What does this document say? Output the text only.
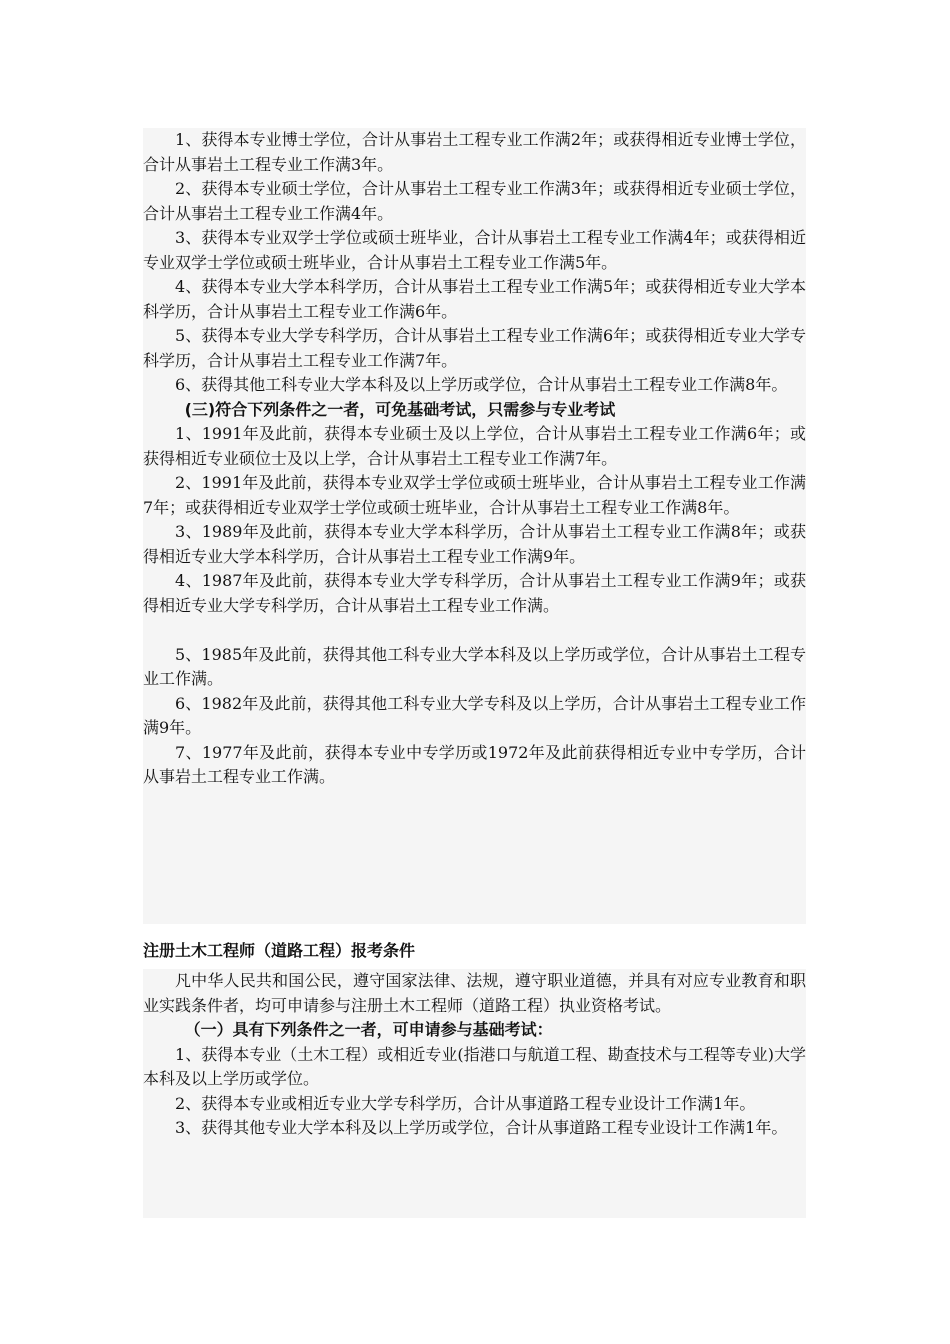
1、获得本专业博士学位，合计从事岩土工程专业工作满2年；或获得相近专业博士学位，合计从事岩土工程专业工作满3年。

2、获得本专业硕士学位，合计从事岩土工程专业工作满3年；或获得相近专业硕士学位，合计从事岩土工程专业工作满4年。

3、获得本专业双学士学位或硕士班毕业，合计从事岩土工程专业工作满4年；或获得相近专业双学士学位或硕士班毕业，合计从事岩土工程专业工作满5年。

4、获得本专业大学本科学历，合计从事岩土工程专业工作满5年；或获得相近专业大学本科学历，合计从事岩土工程专业工作满6年。

5、获得本专业大学专科学历，合计从事岩土工程专业工作满6年；或获得相近专业大学专科学历，合计从事岩土工程专业工作满7年。

6、获得其他工科专业大学本科及以上学历或学位，合计从事岩土工程专业工作满8年。

(三)符合下列条件之一者，可免基础考试，只需参与专业考试

1、1991年及此前，获得本专业硕士及以上学位，合计从事岩土工程专业工作满6年；或获得相近专业硕位士及以上学，合计从事岩土工程专业工作满7年。

2、1991年及此前，获得本专业双学士学位或硕士班毕业，合计从事岩土工程专业工作满7年；或获得相近专业双学士学位或硕士班毕业，合计从事岩土工程专业工作满8年。

3、1989年及此前，获得本专业大学本科学历，合计从事岩土工程专业工作满8年；或获得相近专业大学本科学历，合计从事岩土工程专业工作满9年。

4、1987年及此前，获得本专业大学专科学历，合计从事岩土工程专业工作满9年；或获得相近专业大学专科学历，合计从事岩土工程专业工作满。

5、1985年及此前，获得其他工科专业大学本科及以上学历或学位，合计从事岩土工程专业工作满。

6、1982年及此前，获得其他工科专业大学专科及以上学历，合计从事岩土工程专业工作满9年。

7、1977年及此前，获得本专业中专学历或1972年及此前获得相近专业中专学历，合计从事岩土工程专业工作满。

注册土木工程师（道路工程）报考条件

凡中华人民共和国公民，遵守国家法律、法规，遵守职业道德，并具有对应专业教育和职业实践条件者，均可申请参与注册土木工程师（道路工程）执业资格考试。

（一）具有下列条件之一者，可申请参与基础考试：

1、获得本专业（土木工程）或相近专业(指港口与航道工程、勘查技术与工程等专业)大学本科及以上学历或学位。

2、获得本专业或相近专业大学专科学历，合计从事道路工程专业设计工作满1年。

3、获得其他专业大学本科及以上学历或学位，合计从事道路工程专业设计工作满1年。
